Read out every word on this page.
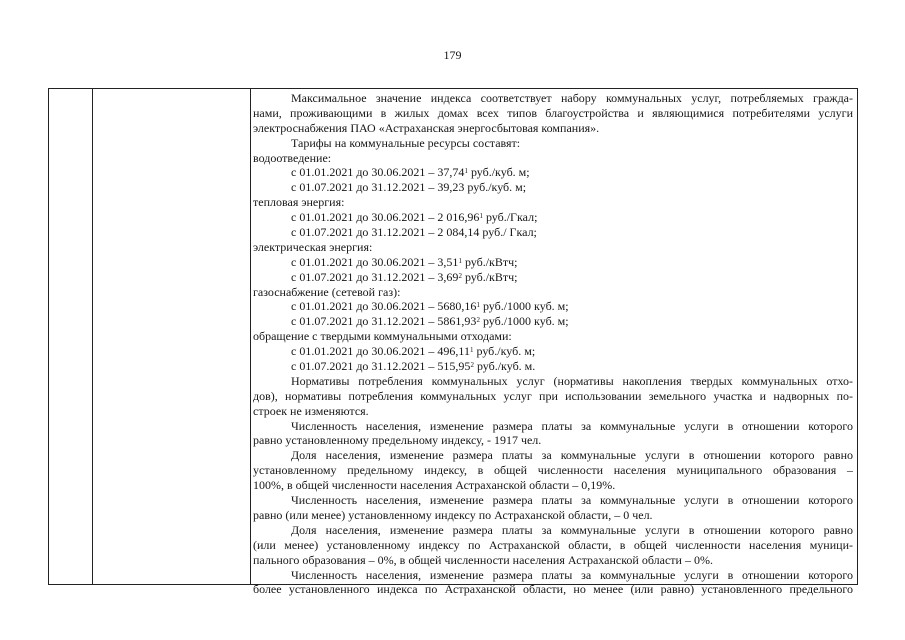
179
Максимальное значение индекса соответствует набору коммунальных услуг, потребляемых гражда-
нами, проживающими в жилых домах всех типов благоустройства и являющимися потребителями услуги
электроснабжения ПАО «Астраханская энергосбытовая компания».
Тарифы на коммунальные ресурсы составят:
водоотведение:
с 01.01.2021 до 30.06.2021 – 37,74$^1$ руб./куб. м;
с 01.07.2021 до 31.12.2021 – 39,23 руб./куб. м;
тепловая энергия:
с 01.01.2021 до 30.06.2021 – 2 016,96$^1$ руб./Гкал;
с 01.07.2021 до 31.12.2021 – 2 084,14 руб./ Гкал;
электрическая энергия:
с 01.01.2021 до 30.06.2021 – 3,51$^1$ руб./кВтч;
с 01.07.2021 до 31.12.2021 – 3,69$^2$ руб./кВтч;
газоснабжение (сетевой газ):
с 01.01.2021 до 30.06.2021 – 5680,16$^1$ руб./1000 куб. м;
с 01.07.2021 до 31.12.2021 – 5861,93$^2$ руб./1000 куб. м;
обращение с твердыми коммунальными отходами:
с 01.01.2021 до 30.06.2021 – 496,11$^1$ руб./куб. м;
с 01.07.2021 до 31.12.2021 – 515,95$^2$ руб./куб. м.
Нормативы потребления коммунальных услуг (нормативы накопления твердых коммунальных отхо-
дов), нормативы потребления коммунальных услуг при использовании земельного участка и надворных по-
строек не изменяются.
Численность населения, изменение размера платы за коммунальные услуги в отношении которого
равно установленному предельному индексу, - 1917 чел.
Доля населения, изменение размера платы за коммунальные услуги в отношении которого равно
установленному предельному индексу, в общей численности населения муниципального образования –
100%, в общей численности населения Астраханской области – 0,19%.
Численность населения, изменение размера платы за коммунальные услуги в отношении которого
равно (или менее) установленному индексу по Астраханской области, – 0 чел.
Доля населения, изменение размера платы за коммунальные услуги в отношении которого равно
(или менее) установленному индексу по Астраханской области, в общей численности населения муници-
пального образования – 0%, в общей численности населения Астраханской области – 0%.
Численность населения, изменение размера платы за коммунальные услуги в отношении которого
более установленного индекса по Астраханской области, но менее (или равно) установленного предельного
